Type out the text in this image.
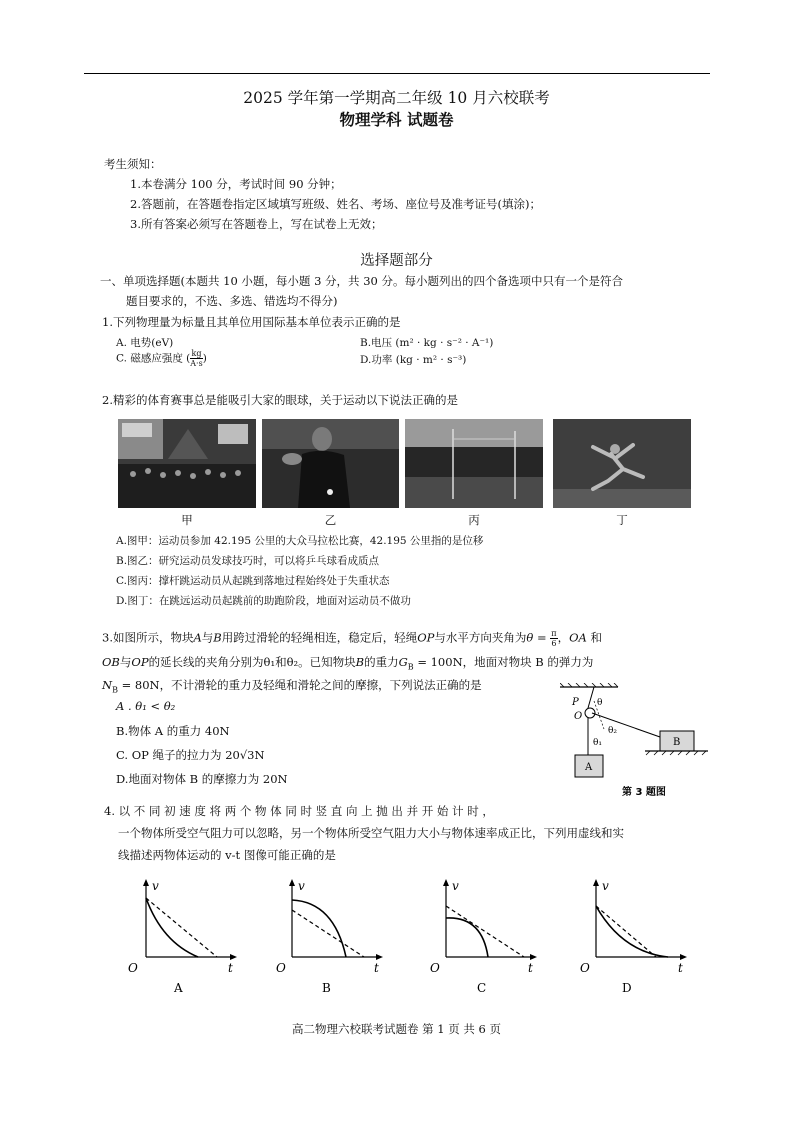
2025 学年第一学期高二年级 10 月六校联考
物理学科 试题卷
考生须知：
1.本卷满分 100 分，考试时间 90 分钟；
2.答题前，在答题卷指定区域填写班级、姓名、考场、座位号及准考证号(填涂)；
3.所有答案必须写在答题卷上，写在试卷上无效；
选择题部分
一、单项选择题(本题共 10 小题，每小题 3 分，共 30 分。每小题列出的四个备选项中只有一个是符合
题目要求的，不选、多选、错选均不得分)
1.下列物理量为标量且其单位用国际基本单位表示正确的是
A. 电势(eV)	B.电压 (m² · kg · s⁻² · A⁻¹)
C. 磁感应强度 ( $\frac{kg}{A\cdot s}$ )	D.功率 (kg · m² · s⁻³)
2.精彩的体育赛事总是能吸引大家的眼球，关于运动以下说法正确的是
甲	乙	丙	丁
A.图甲：运动员参加 42.195 公里的大众马拉松比赛，42.195 公里指的是位移
B.图乙：研究运动员发球技巧时，可以将乒乓球看成质点
C.图丙：撑杆跳运动员从起跳到落地过程始终处于失重状态
D.图丁：在跳远运动员起跳前的助跑阶段，地面对运动员不做功
3.如图所示，物块A与B用跨过滑轮的轻绳相连，稳定后，轻绳OP与水平方向夹角为$\theta = \frac{\pi}{6}$ ，OA 和
OB与OP的延长线的夹角分别为θ₁和θ₂。已知物块B的重力$G_B = 100N$，地面对物块 B 的弹力为
$N_B = 80N$，不计滑轮的重力及轻绳和滑轮之间的摩擦，下列说法正确的是
A . θ₁ < θ₂
B.物体 A 的重力 40N
C. OP 绳子的拉力为 20√3N
D.地面对物体 B 的摩擦力为 20N
P
O
θ
θ₁
θ₂
A
B
第 3 题图
4. 以 不 同 初 速 度 将 两 个 物 体 同 时 竖 直 向 上 抛 出 并 开 始 计 时 ，
一个物体所受空气阻力可以忽略，另一个物体所受空气阻力大小与物体速率成正比，下列用虚线和实
线描述两物体运动的 v-t 图像可能正确的是
v
O	t
A
v
O	t
B
v
O	t
C
v
O	t
D
高二物理六校联考试题卷 第 1 页 共 6 页
